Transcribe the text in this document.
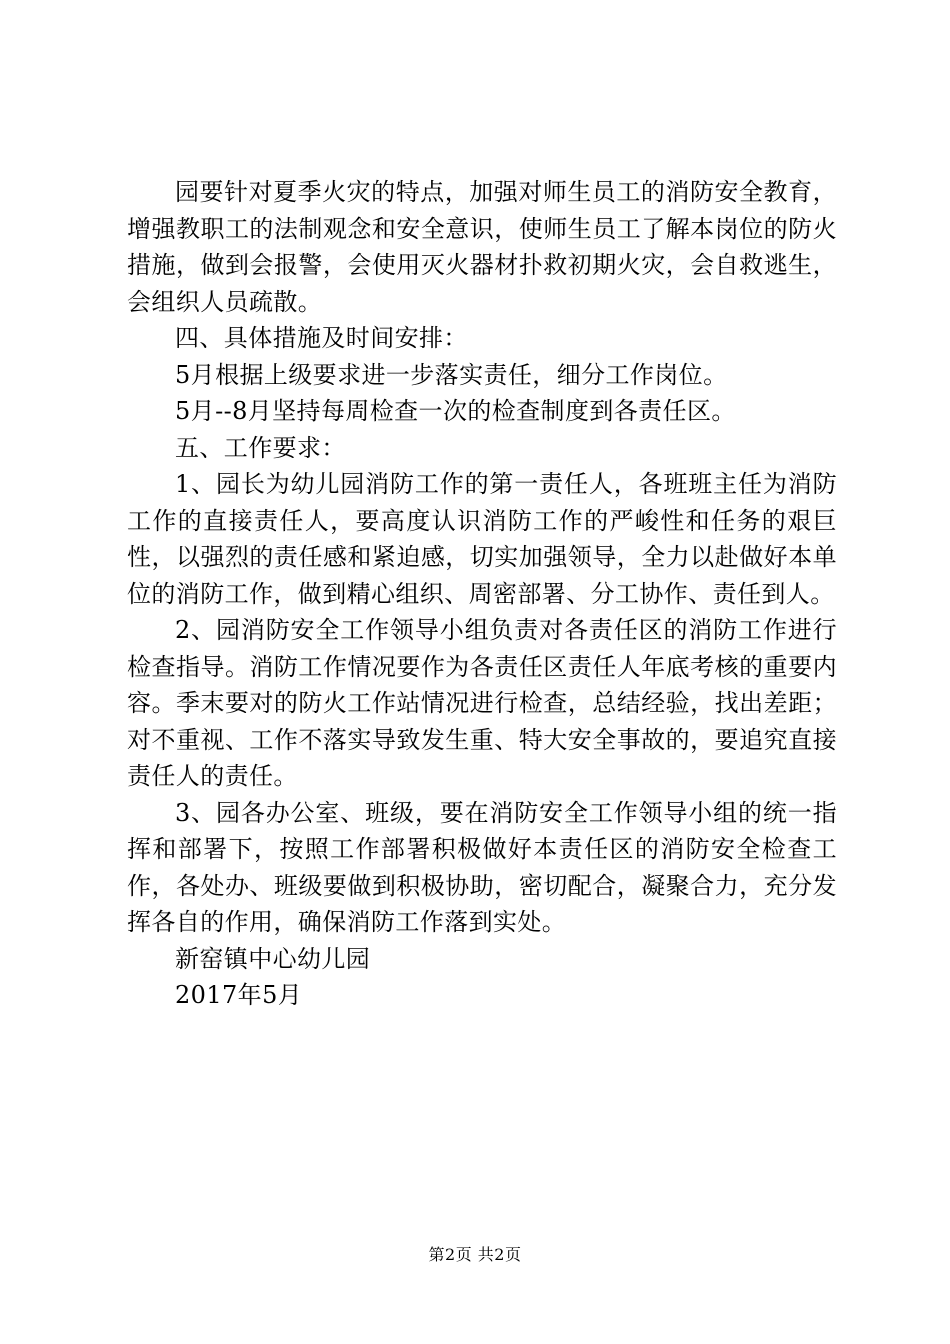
园要针对夏季火灾的特点，加强对师生员工的消防安全教育，增强教职工的法制观念和安全意识，使师生员工了解本岗位的防火措施，做到会报警，会使用灭火器材扑救初期火灾，会自救逃生，会组织人员疏散。

四、具体措施及时间安排：

5月根据上级要求进一步落实责任，细分工作岗位。

5月--8月坚持每周检查一次的检查制度到各责任区。

五、工作要求：

1、园长为幼儿园消防工作的第一责任人，各班班主任为消防工作的直接责任人，要高度认识消防工作的严峻性和任务的艰巨性，以强烈的责任感和紧迫感，切实加强领导，全力以赴做好本单位的消防工作，做到精心组织、周密部署、分工协作、责任到人。

2、园消防安全工作领导小组负责对各责任区的消防工作进行检查指导。消防工作情况要作为各责任区责任人年底考核的重要内容。季末要对的防火工作站情况进行检查，总结经验，找出差距；对不重视、工作不落实导致发生重、特大安全事故的，要追究直接责任人的责任。

3、园各办公室、班级，要在消防安全工作领导小组的统一指挥和部署下，按照工作部署积极做好本责任区的消防安全检查工作，各处办、班级要做到积极协助，密切配合，凝聚合力，充分发挥各自的作用，确保消防工作落到实处。

新窑镇中心幼儿园

2017年5月

第2页 共2页
